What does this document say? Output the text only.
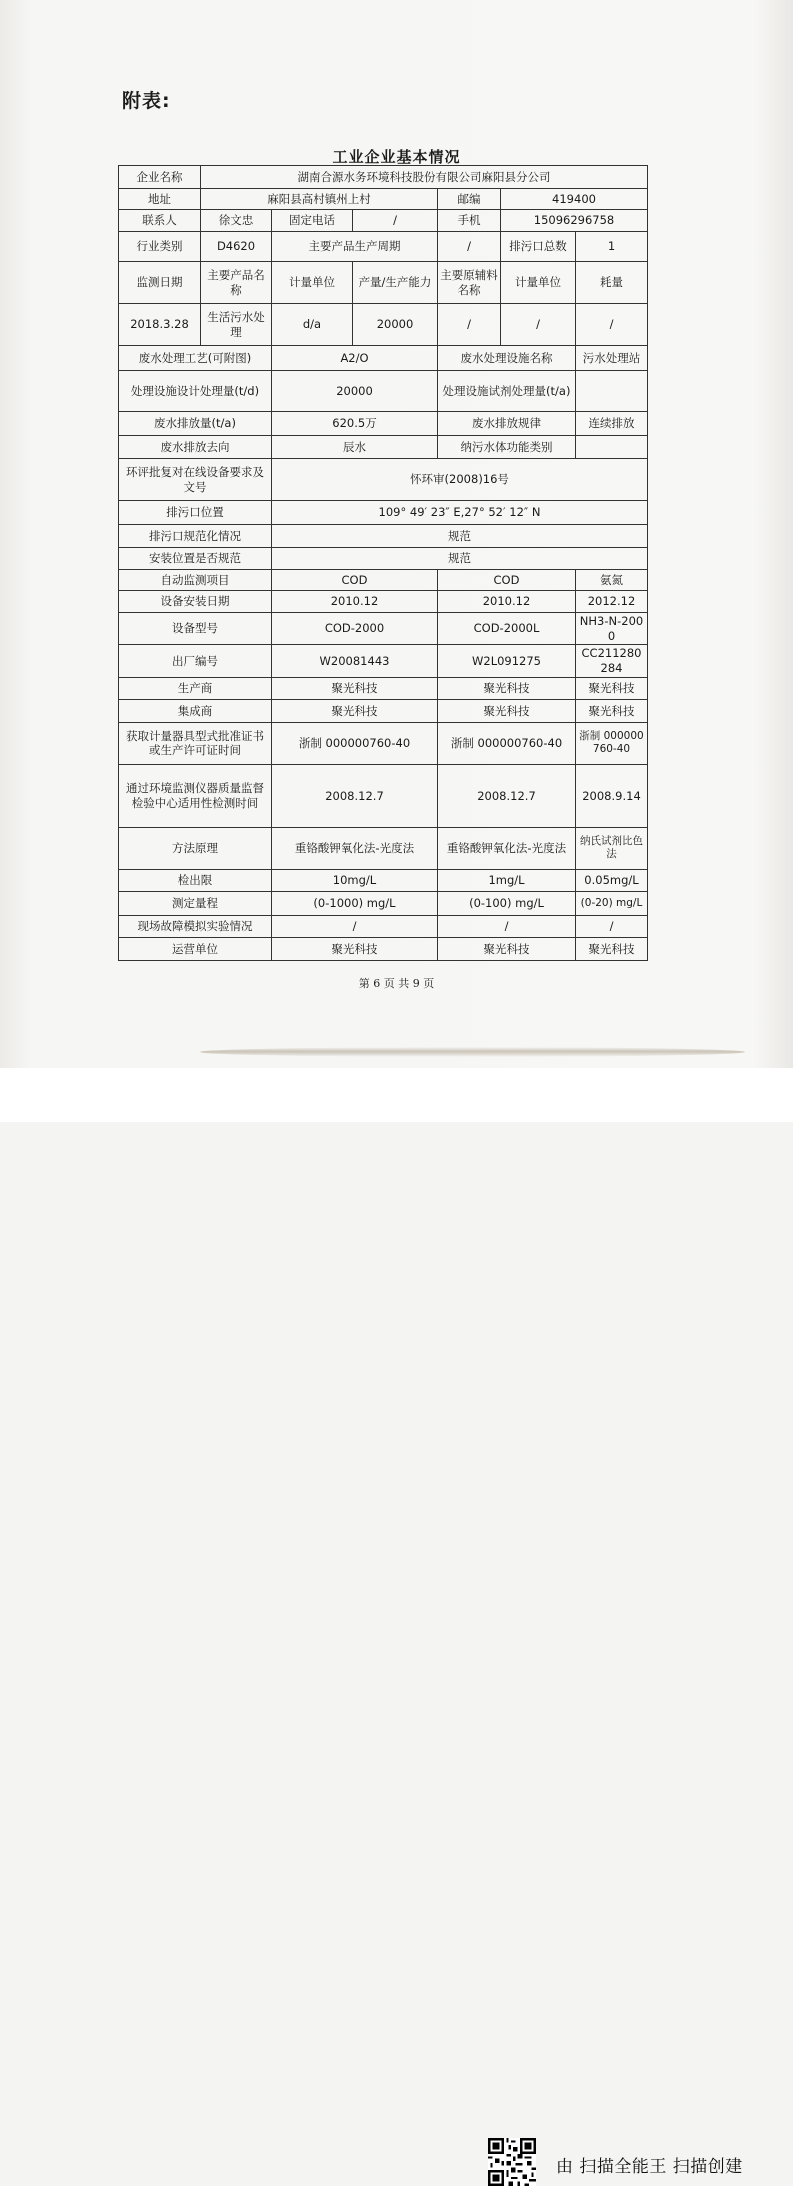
附表:
工业企业基本情况
企业名称	湖南合源水务环境科技股份有限公司麻阳县分公司					
地址	麻阳县高村镇州上村			邮编	419400	
联系人	徐文忠	固定电话	/	手机	15096296758	
行业类别	D4620	主要产品生产周期		/	排污口总数	1
监测日期	主要产品名称	计量单位	产量/生产能力	主要原辅料名称	计量单位	耗量
2018.3.28	生活污水处理	d/a	20000	/	/	/
废水处理工艺(可附图)		A2/O		废水处理设施名称		污水处理站
处理设施设计处理量(t/d)		20000		处理设施试剂处理量(t/a)		
废水排放量(t/a)		620.5万		废水排放规律		连续排放
废水排放去向		辰水		纳污水体功能类别		
环评批复对在线设备要求及文号		怀环审(2008)16号				
排污口位置		109° 49′ 23″ E,27° 52′ 12″ N				
排污口规范化情况		规范				
安装位置是否规范		规范				
自动监测项目		COD		COD		氨氮
设备安装日期		2010.12		2010.12		2012.12
设备型号		COD-2000		COD-2000L		NH3-N-2000
出厂编号		W20081443		W2L091275		CC211280284
生产商		聚光科技		聚光科技		聚光科技
集成商		聚光科技		聚光科技		聚光科技
获取计量器具型式批准证书或生产许可证时间		浙制 000000760-40		浙制 000000760-40		浙制 000000760-40
通过环境监测仪器质量监督检验中心适用性检测时间		2008.12.7		2008.12.7		2008.9.14
方法原理		重铬酸钾氧化法-光度法		重铬酸钾氧化法-光度法		纳氏试剂比色法
检出限		10mg/L		1mg/L		0.05mg/L
测定量程		(0-1000) mg/L		(0-100) mg/L		(0-20) mg/L
现场故障模拟实验情况		/		/		/
运营单位		聚光科技		聚光科技		聚光科技
第 6 页 共 9 页
由 扫描全能王 扫描创建
